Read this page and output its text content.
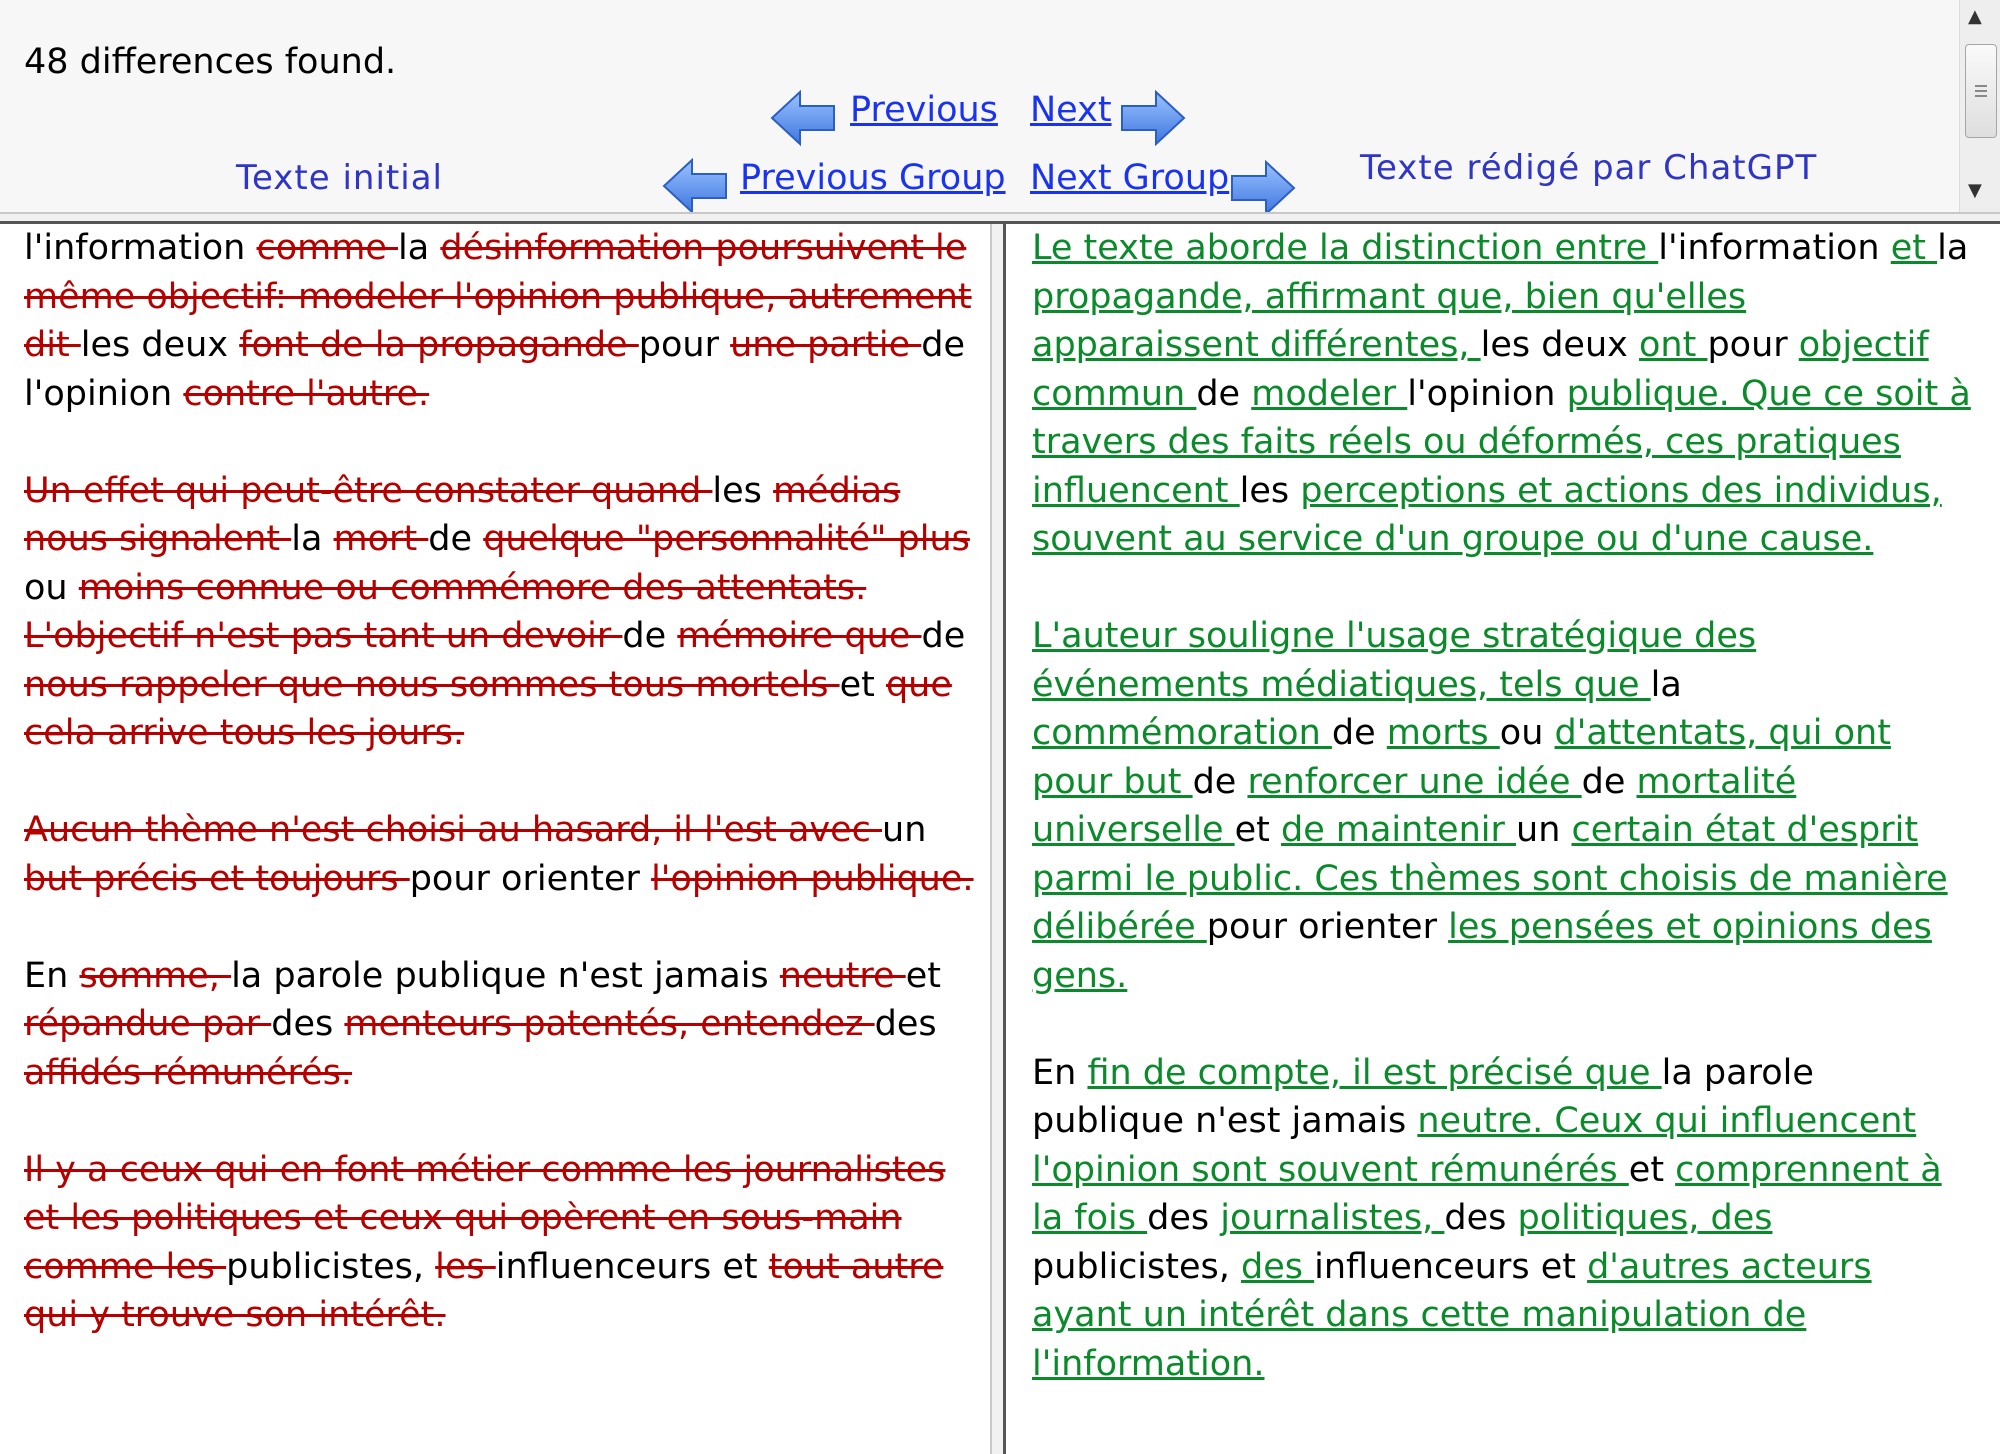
48 differences found.
Previous Next
Texte initial	Previous Group Next Group	Texte rédigé par ChatGPT
▲
▼

l'information comme la désinformation poursuivent le même objectif: modeler l'opinion publique, autrement dit les deux font de la propagande pour une partie de l'opinion contre l'autre.

Un effet qui peut-être constater quand les médias nous signalent la mort de quelque "personnalité" plus ou moins connue ou commémore des attentats. L'objectif n'est pas tant un devoir de mémoire que de nous rappeler que nous sommes tous mortels et que cela arrive tous les jours.

Aucun thème n'est choisi au hasard, il l'est avec un but précis et toujours pour orienter l'opinion publique.

En somme, la parole publique n'est jamais neutre et répandue par des menteurs patentés, entendez des affidés rémunérés.

Il y a ceux qui en font métier comme les journalistes et les politiques et ceux qui opèrent en sous-main comme les publicistes, les influenceurs et tout autre qui y trouve son intérêt.

Le texte aborde la distinction entre l'information et la propagande, affirmant que, bien qu'elles apparaissent différentes, les deux ont pour objectif commun de modeler l'opinion publique. Que ce soit à travers des faits réels ou déformés, ces pratiques influencent les perceptions et actions des individus, souvent au service d'un groupe ou d'une cause.

L'auteur souligne l'usage stratégique des événements médiatiques, tels que la commémoration de morts ou d'attentats, qui ont pour but de renforcer une idée de mortalité universelle et de maintenir un certain état d'esprit parmi le public. Ces thèmes sont choisis de manière délibérée pour orienter les pensées et opinions des gens.

En fin de compte, il est précisé que la parole publique n'est jamais neutre. Ceux qui influencent l'opinion sont souvent rémunérés et comprennent à la fois des journalistes, des politiques, des publicistes, des influenceurs et d'autres acteurs ayant un intérêt dans cette manipulation de l'information.
